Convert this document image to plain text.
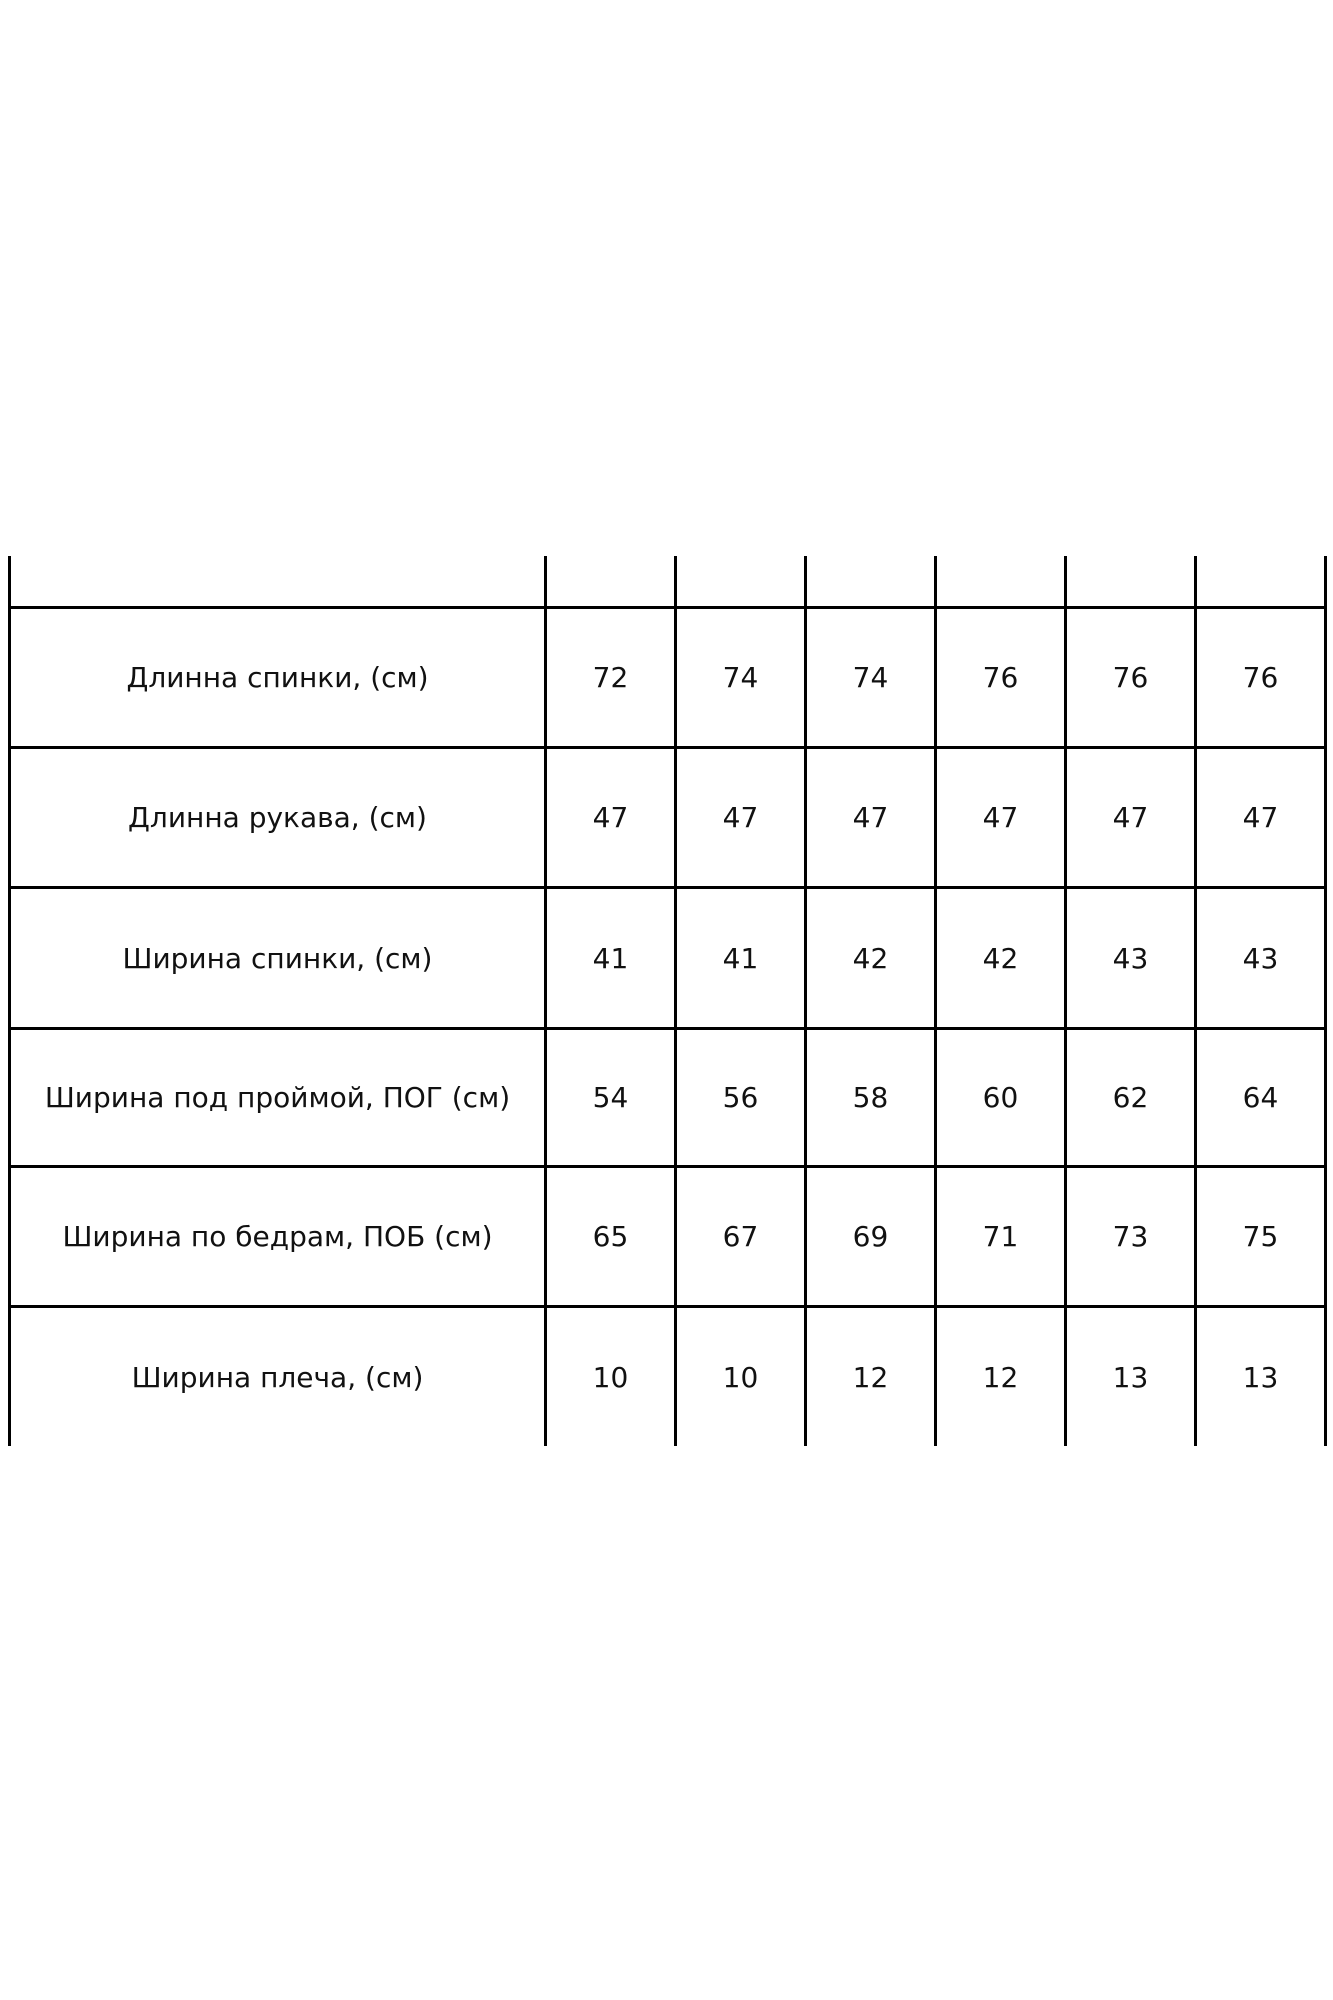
Длинна спинки, (см)	72	74	74	76	76	76
Длинна рукава, (см)	47	47	47	47	47	47
Ширина спинки, (см)	41	41	42	42	43	43
Ширина под проймой, ПОГ (см)	54	56	58	60	62	64
Ширина по бедрам, ПОБ (см)	65	67	69	71	73	75
Ширина плеча, (см)	10	10	12	12	13	13
